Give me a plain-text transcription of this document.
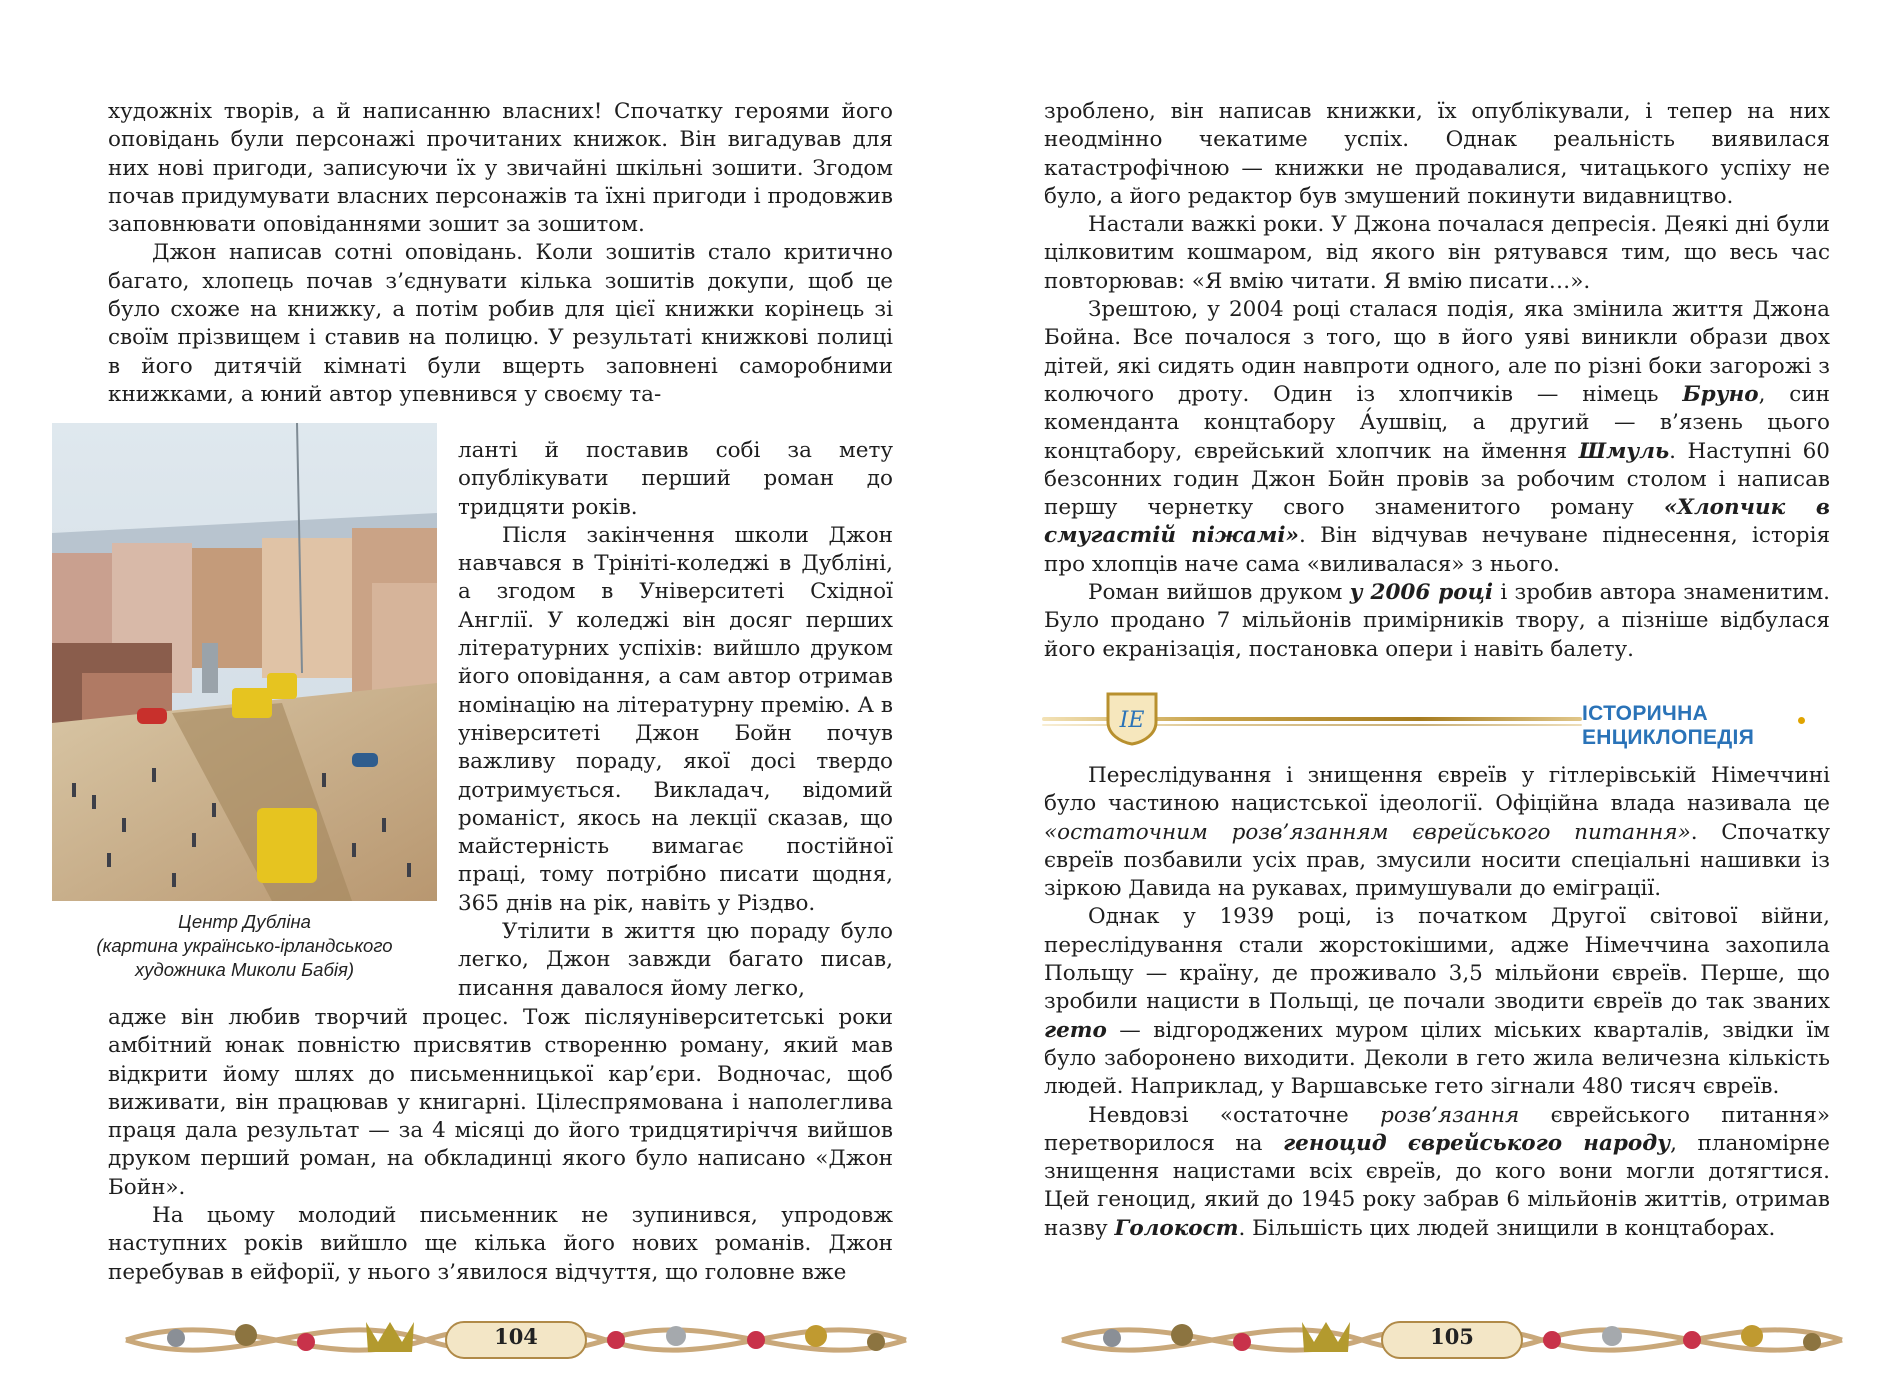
художніх творів, а й написанню власних! Спочатку героями його оповідань були персонажі прочитаних книжок. Він вигадував для них нові пригоди, записуючи їх у звичайні шкільні зошити. Згодом почав придумувати власних персонажів та їхні пригоди і продовжив заповнювати оповіданнями зошит за зошитом.

Джон написав сотні оповідань. Коли зошитів стало критично багато, хлопець почав з’єднувати кілька зошитів докупи, щоб це було схоже на книжку, а потім робив для цієї книжки корінець зі своїм прізвищем і ставив на полицю. У результаті книжкові полиці в його дитячій кімнаті були вщерть заповнені саморобними книжками, а юний автор упевнився у своєму та-

Центр Дубліна
(картина українсько-ірландського
художника Миколи Бабія)

ланті й поставив собі за мету опублікувати перший роман до тридцяти років.

Після закінчення школи Джон навчався в Трініті-коледжі в Дубліні, а згодом в Університеті Східної Англії. У коледжі він досяг перших літературних успіхів: вийшло друком його оповідання, а сам автор отримав номінацію на літературну премію. А в університеті Джон Бойн почув важливу пораду, якої досі твердо дотримується. Викладач, відомий романіст, якось на лекції сказав, що майстерність вимагає постійної праці, тому потрібно писати щодня, 365 днів на рік, навіть у Різдво.

Утілити в життя цю пораду було легко, Джон завжди багато писав, писання давалося йому легко,

адже він любив творчий процес. Тож післяуніверситетські роки амбітний юнак повністю присвятив створенню роману, який мав відкрити йому шлях до письменницької кар’єри. Водночас, щоб виживати, він працював у книгарні. Цілеспрямована і наполеглива праця дала результат — за 4 місяці до його тридцятиріччя вийшов друком перший роман, на обкладинці якого було написано «Джон Бойн».

На цьому молодий письменник не зупинився, упродовж наступних років вийшло ще кілька його нових романів. Джон перебував в ейфорії, у нього з’явилося відчуття, що головне вже

104

зроблено, він написав книжки, їх опублікували, і тепер на них неодмінно чекатиме успіх. Однак реальність виявилася катастрофічною — книжки не продавалися, читацького успіху не було, а його редактор був змушений покинути видавництво.

Настали важкі роки. У Джона почалася депресія. Деякі дні були цілковитим кошмаром, від якого він рятувався тим, що весь час повторював: «Я вмію читати. Я вмію писати…».

Зрештою, у 2004 році сталася подія, яка змінила життя Джона Бойна. Все почалося з того, що в його уяві виникли образи двох дітей, які сидять один навпроти одного, але по різні боки загорожі з колючого дроту. Один із хлопчиків — німець Бруно, син коменданта концтабору А́ушвіц, а другий — в’язень цього концтабору, єврейський хлопчик на ймення Шмуль. Наступні 60 безсонних годин Джон Бойн провів за робочим столом і написав першу чернетку свого знаменитого роману «Хлопчик в смугастій піжамі». Він відчував нечуване піднесення, історія про хлопців наче сама «виливалася» з нього.

Роман вийшов друком у 2006 році і зробив автора знаменитим. Було продано 7 мільйонів примірників твору, а пізніше відбулася його екранізація, постановка опери і навіть балету.

ІЕ	ІСТОРИЧНА ЕНЦИКЛОПЕДІЯ

Переслідування і знищення євреїв у гітлерівській Німеччині було частиною нацистської ідеології. Офіційна влада називала це «остаточним розв’язанням єврейського питання». Спочатку євреїв позбавили усіх прав, змусили носити спеціальні нашивки із зіркою Давида на рукавах, примушували до еміграції.

Однак у 1939 році, із початком Другої світової війни, переслідування стали жорстокішими, адже Німеччина захопила Польщу — країну, де проживало 3,5 мільйони євреїв. Перше, що зробили нацисти в Польщі, це почали зводити євреїв до так званих гето — відгороджених муром цілих міських кварталів, звідки їм було заборонено виходити. Деколи в гето жила величезна кількість людей. Наприклад, у Варшавське гето зігнали 480 тисяч євреїв.

Невдовзі «остаточне розв’язання єврейського питання» перетворилося на геноцид єврейського народу, планомірне знищення нацистами всіх євреїв, до кого вони могли дотягтися. Цей геноцид, який до 1945 року забрав 6 мільйонів життів, отримав назву Голокост. Більшість цих людей знищили в концтаборах.

105
